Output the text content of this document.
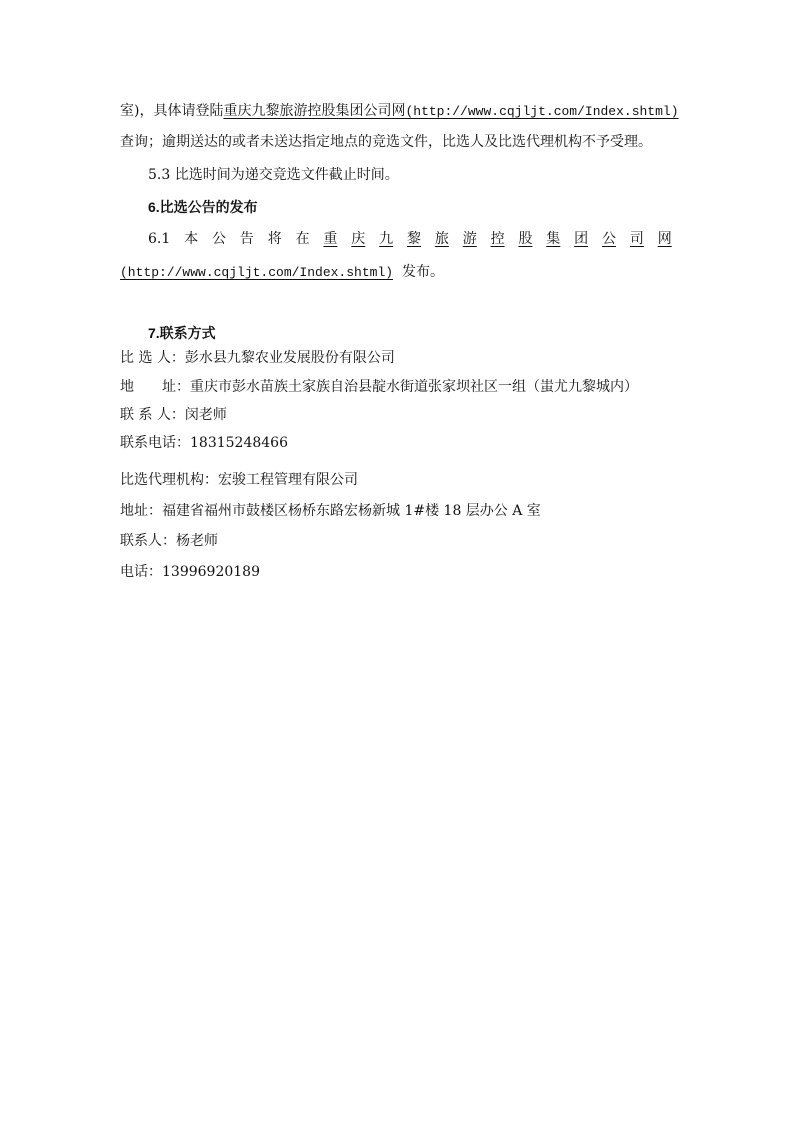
室)，具体请登陆重庆九黎旅游控股集团公司网(http://www.cqjljt.com/Index.shtml)
查询；逾期送达的或者未送达指定地点的竞选文件，比选人及比选代理机构不予受理。
5.3 比选时间为递交竞选文件截止时间。
6.比选公告的发布
6.1 本 公 告 将 在 重 庆 九 黎 旅 游 控 股 集 团 公 司 网
(http://www.cqjljt.com/Index.shtml) 发布。
7.联系方式
比 选 人：彭水县九黎农业发展股份有限公司
地　　址：重庆市彭水苗族土家族自治县靛水街道张家坝社区一组（蚩尤九黎城内）
联 系 人：闵老师
联系电话：18315248466
比选代理机构：宏骏工程管理有限公司
地址：福建省福州市鼓楼区杨桥东路宏杨新城 1#楼 18 层办公 A 室
联系人：杨老师
电话：13996920189
